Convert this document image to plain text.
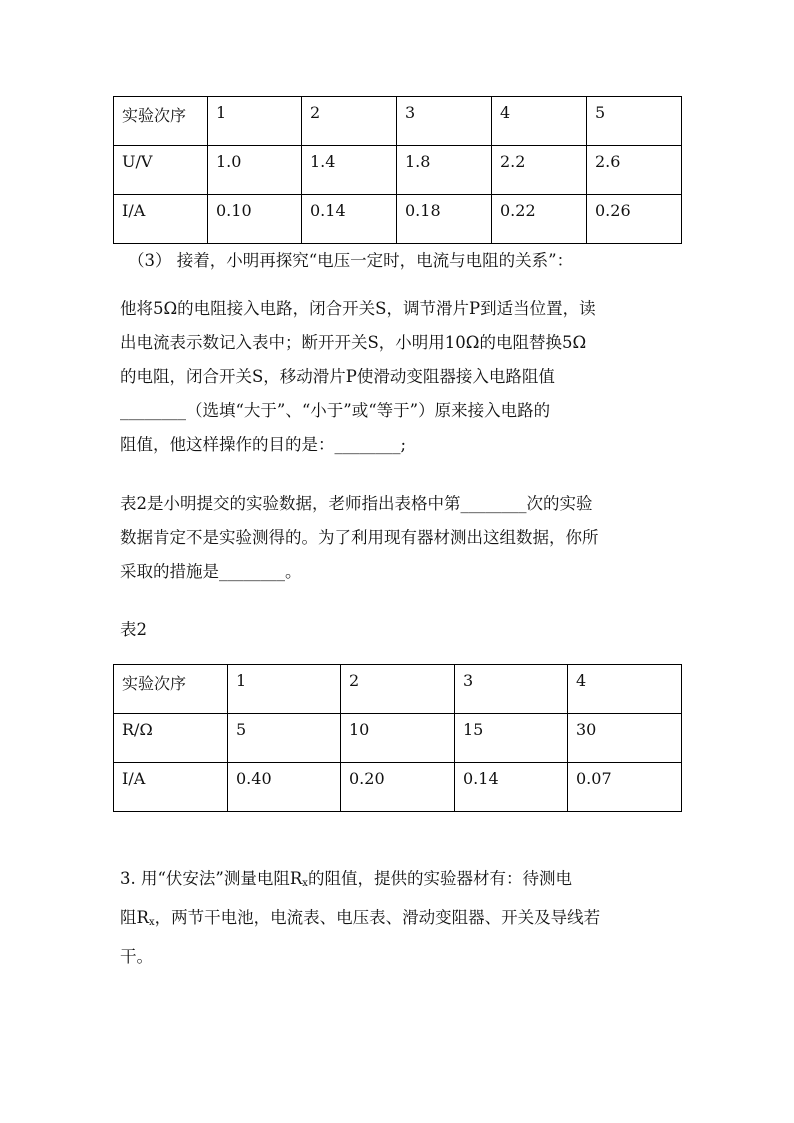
实验次序	1	2	3	4	5
U/V	1.0	1.4	1.8	2.2	2.6
I/A	0.10	0.14	0.18	0.22	0.26

（3） 接着，小明再探究“电压一定时，电流与电阻的关系”：

他将5Ω的电阻接入电路，闭合开关S，调节滑片P到适当位置，读
出电流表示数记入表中；断开开关S，小明用10Ω的电阻替换5Ω
的电阻，闭合开关S，移动滑片P使滑动变阻器接入电路阻值
________（选填“大于”、“小于”或“等于”）原来接入电路的
阻值，他这样操作的目的是：________;

表2是小明提交的实验数据，老师指出表格中第________次的实验
数据肯定不是实验测得的。为了利用现有器材测出这组数据，你所
采取的措施是________。

表2

实验次序	1	2	3	4
R/Ω	5	10	15	30
I/A	0.40	0.20	0.14	0.07

3. 用“伏安法”测量电阻$R_x$的阻值，提供的实验器材有：待测电
阻$R_x$，两节干电池，电流表、电压表、滑动变阻器、开关及导线若
干。
